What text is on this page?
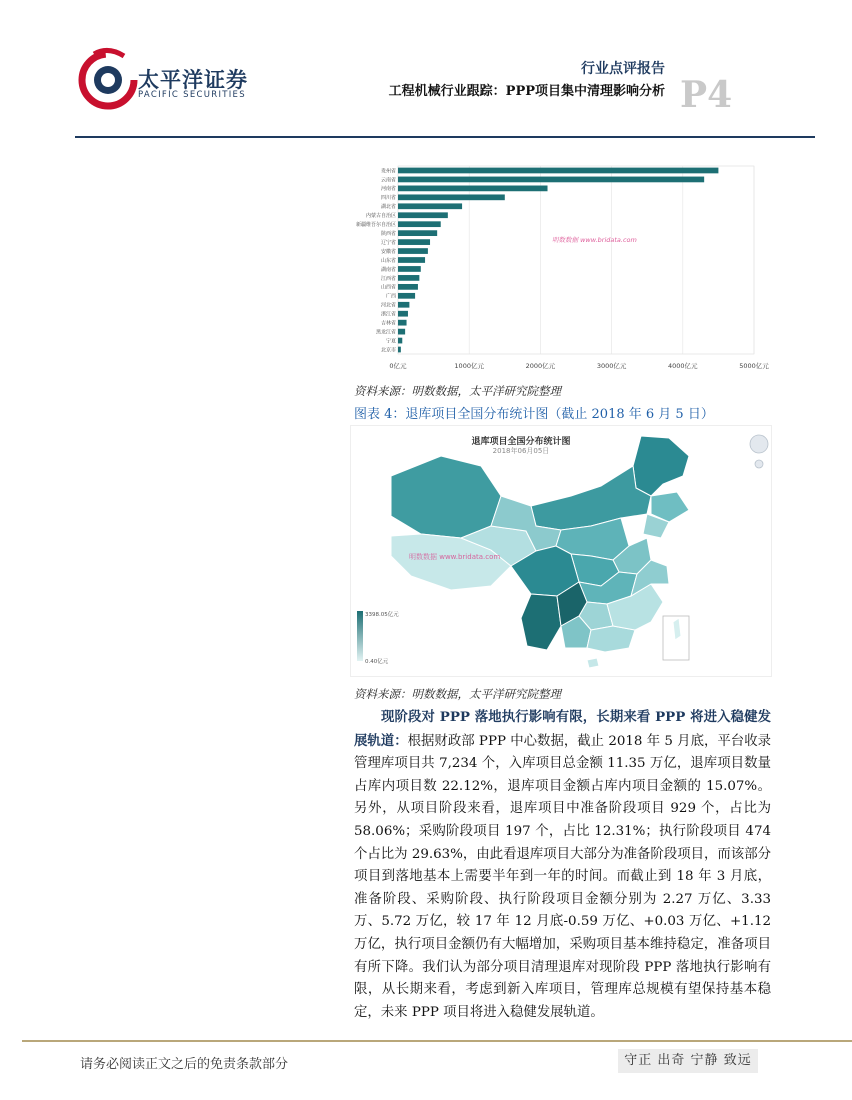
太平洋证券
PACIFIC SECURITIES
行业点评报告
工程机械行业跟踪：PPP项目集中清理影响分析 P4
0亿元	1000亿元	2000亿元	3000亿元	4000亿元	5000亿元
贵州省
云南省
河南省
四川省
湖北省
内蒙古自治区
新疆维吾尔自治区
陕西省
辽宁省
安徽省
山东省
湖南省
江西省
山西省
广西
河北省
浙江省
吉林省
黑龙江省
宁夏
北京市
明数数据 www.bridata.com
资料来源：明数数据，太平洋研究院整理
图表 4：退库项目全国分布统计图（截止 2018 年 6 月 5 日）
退库项目全国分布统计图
2018年06月05日
3398.05亿元
0.40亿元
明数数据 www.bridata.com
资料来源：明数数据，太平洋研究院整理
现阶段对 PPP 落地执行影响有限，长期来看 PPP 将进入稳健发展轨道：根据财政部 PPP 中心数据，截止 2018 年 5 月底，平台收录管理库项目共 7,234 个，入库项目总金额 11.35 万亿，退库项目数量占库内项目数 22.12%，退库项目金额占库内项目金额的 15.07%。另外，从项目阶段来看，退库项目中准备阶段项目 929 个，占比为 58.06%；采购阶段项目 197 个，占比 12.31%；执行阶段项目 474 个占比为 29.63%，由此看退库项目大部分为准备阶段项目，而该部分项目到落地基本上需要半年到一年的时间。而截止到 18 年 3 月底，准备阶段、采购阶段、执行阶段项目金额分别为 2.27 万亿、3.33 万、5.72 万亿，较 17 年 12 月底-0.59 万亿、+0.03 万亿、+1.12 万亿，执行项目金额仍有大幅增加，采购项目基本维持稳定，准备项目有所下降。我们认为部分项目清理退库对现阶段 PPP 落地执行影响有限，从长期来看，考虑到新入库项目，管理库总规模有望保持基本稳定，未来 PPP 项目将进入稳健发展轨道。
请务必阅读正文之后的免责条款部分	守正 出奇 宁静 致远
